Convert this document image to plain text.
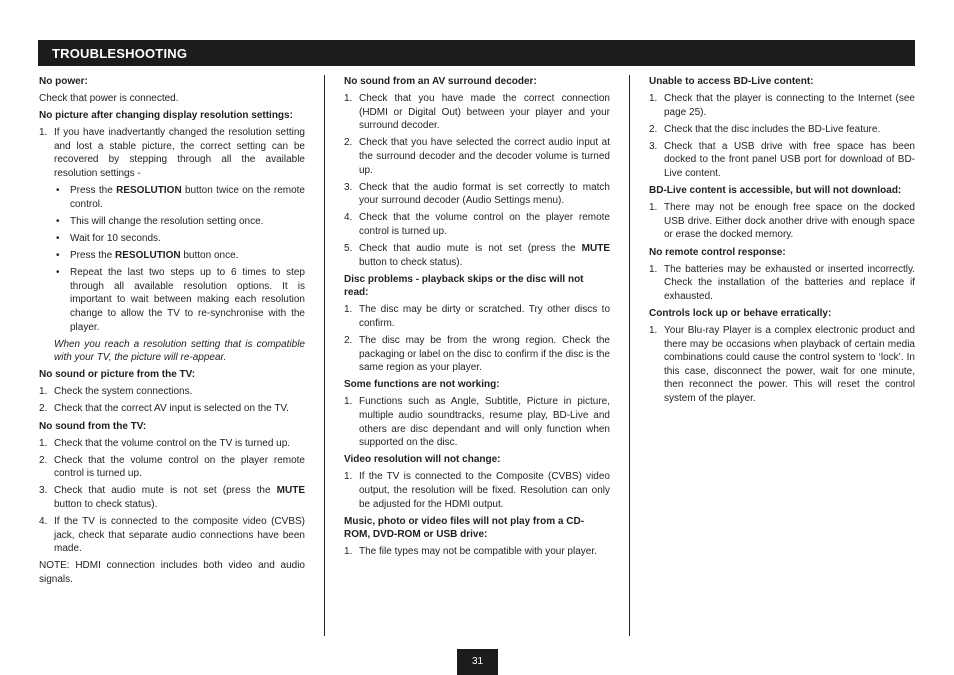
TROUBLESHOOTING
No power:
Check that power is connected.
No picture after changing display resolution settings:
1. If you have inadvertantly changed the resolution setting and lost a stable picture, the correct setting can be recovered by stepping through all the available resolution settings -
• Press the RESOLUTION button twice on the remote control.
• This will change the resolution setting once.
• Wait for 10 seconds.
• Press the RESOLUTION button once.
• Repeat the last two steps up to 6 times to step through all available resolution options. It is important to wait between making each resolution change to allow the TV to re-synchronise with the player.
When you reach a resolution setting that is compatible with your TV, the picture will re-appear.
No sound or picture from the TV:
1. Check the system connections.
2. Check that the correct AV input is selected on the TV.
No sound from the TV:
1. Check that the volume control on the TV is turned up.
2. Check that the volume control on the player remote control is turned up.
3. Check that audio mute is not set (press the MUTE button to check status).
4. If the TV is connected to the composite video (CVBS) jack, check that separate audio connections have been made.
NOTE: HDMI connection includes both video and audio signals.
No sound from an AV surround decoder:
1. Check that you have made the correct connection (HDMI or Digital Out) between your player and your surround decoder.
2. Check that you have selected the correct audio input at the surround decoder and the decoder volume is turned up.
3. Check that the audio format is set correctly to match your surround decoder (Audio Settings menu).
4. Check that the volume control on the player remote control is turned up.
5. Check that audio mute is not set (press the MUTE button to check status).
Disc problems - playback skips or the disc will not read:
1. The disc may be dirty or scratched. Try other discs to confirm.
2. The disc may be from the wrong region. Check the packaging or label on the disc to confirm if the disc is the same region as your player.
Some functions are not working:
1. Functions such as Angle, Subtitle, Picture in picture, multiple audio soundtracks, resume play, BD-Live and others are disc dependant and will only function when supported on the disc.
Video resolution will not change:
1. If the TV is connected to the Composite (CVBS) video output, the resolution will be fixed. Resolution can only be adjusted for the HDMI output.
Music, photo or video files will not play from a CD-ROM, DVD-ROM or USB drive:
1. The file types may not be compatible with your player.
Unable to access BD-Live content:
1. Check that the player is connecting to the Internet (see page 25).
2. Check that the disc includes the BD-Live feature.
3. Check that a USB drive with free space has been docked to the front panel USB port for download of BD-Live content.
BD-Live content is accessible, but will not download:
1. There may not be enough free space on the docked USB drive. Either dock another drive with enough space or erase the docked memory.
No remote control response:
1. The batteries may be exhausted or inserted incorrectly. Check the installation of the batteries and replace if exhausted.
Controls lock up or behave erratically:
1. Your Blu-ray Player is a complex electronic product and there may be occasions when playback of certain media combinations could cause the control system to ‘lock’. In this case, disconnect the power, wait for one minute, then reconnect the power. This will reset the control system of the player.
31
